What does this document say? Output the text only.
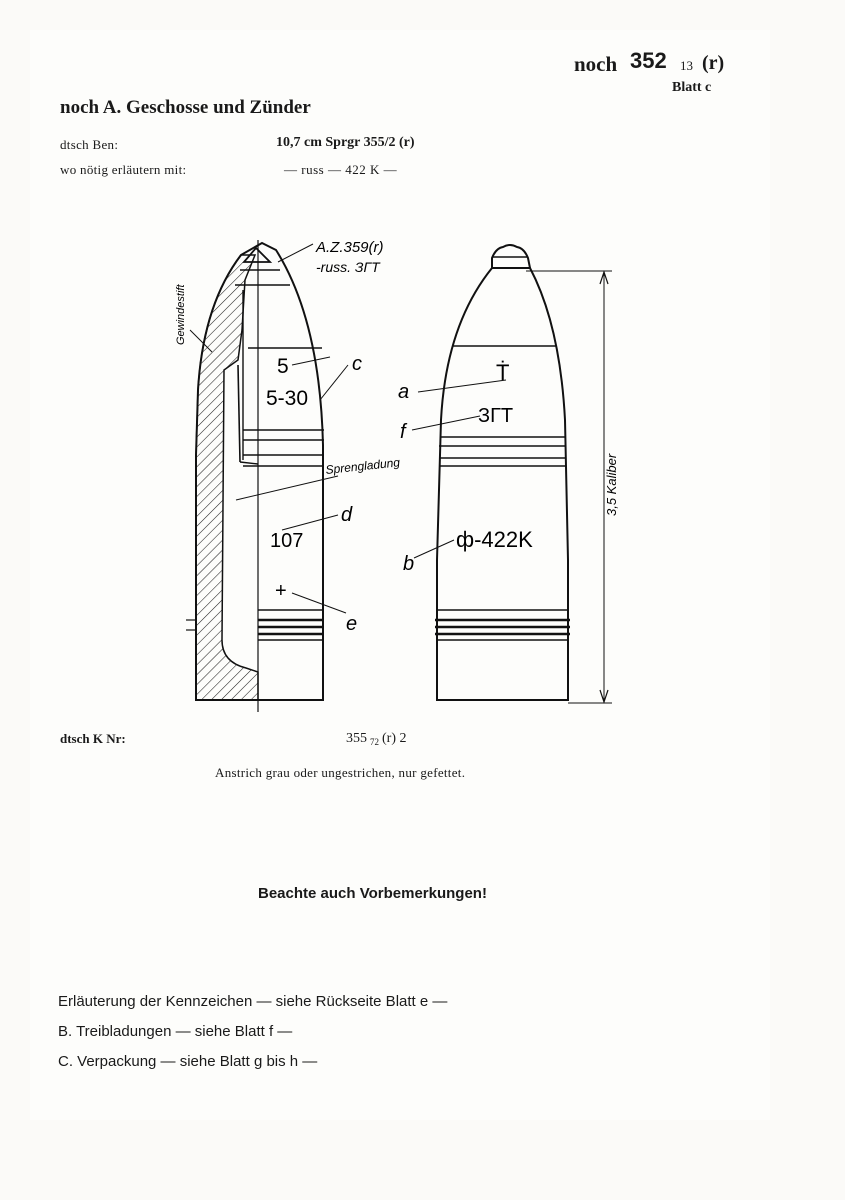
noch 352 13 (r)
Blatt c
noch A. Geschosse und Zünder
dtsch Ben:	10,7 cm Sprgr 355/2 (r)
wo nötig erläutern mit:	— russ — 422 K —
A.Z.359(r)
-russ. ЗГТ
Gewindestift
5
5-30
c
Sprengladung
107
d
+
e
Ṫ
a
ЗГТ
f
ф-422K
b
3,5 Kaliber
dtsch K Nr:	355 $_{72}$ (r) 2
Anstrich grau oder ungestrichen, nur gefettet.
Beachte auch Vorbemerkungen!
Erläuterung der Kennzeichen — siehe Rückseite Blatt e —
B. Treibladungen — siehe Blatt f —
C. Verpackung — siehe Blatt g bis h —
